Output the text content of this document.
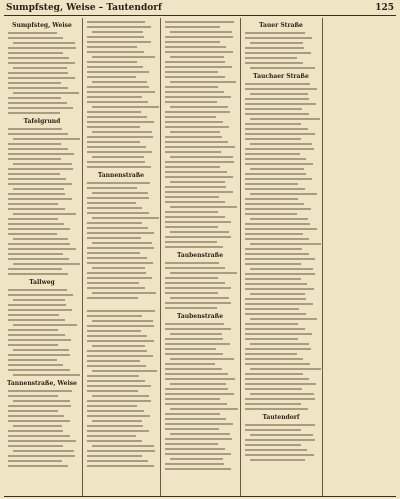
Sumpfsteg, Weise – Tautendorf	125
Sumpfsteg, Weise
Tafelgrund
Tallweg
Tannenstraße, Weise
Tannenstraße
Taubenstraße
Taubenstraße
Tauer Straße
Tauchaer Straße
Tautendorf
